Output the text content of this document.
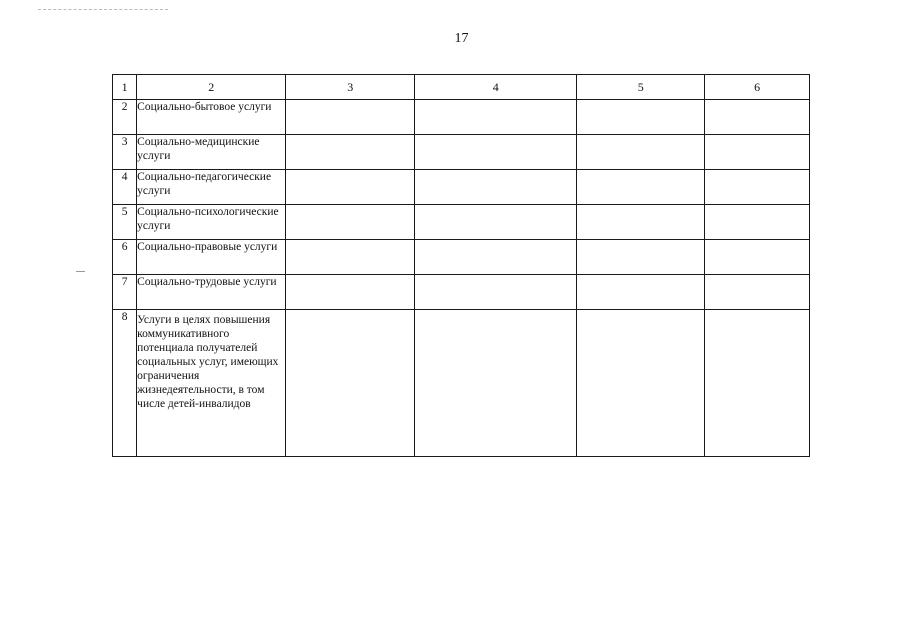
17
1	2	3	4	5	6
2	Социально-бытовое услуги				
3	Социально-медицинские услуги				
4	Социально-педагогические услуги				
5	Социально-психологические услуги				
6	Социально-правовые услуги				
7	Социально-трудовые услуги				
8	Услуги в целях повышения коммуникативного потенциала получателей социальных услуг, имеющих ограничения жизнедеятельности, в том числе детей-инвалидов				
